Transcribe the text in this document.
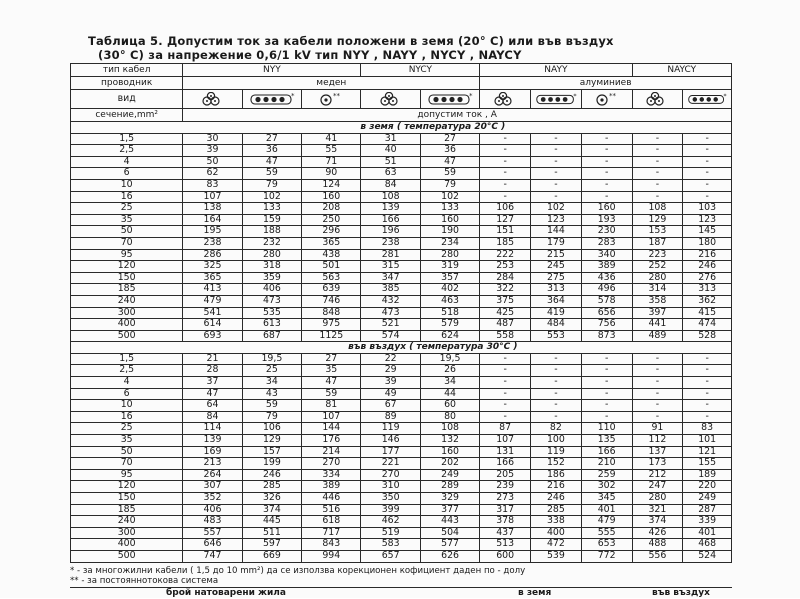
Таблица 5. Допустим ток за кабели положени в земя (20° С) или във въздух
(30° С) за напрежение 0,6/1 kV тип NYY , NAYY , NYCY , NAYCY
тип кабел	NYY			NYCY		NAYY			NAYCY	
проводник	меден					алуминиев				
вид		*	**		*		*	**		*

сечение,mm²	допустим ток , А									
	в земя ( температура 20°С )									
1,5	30	27	41	31	27	-	-	-	-	-
2,5	39	36	55	40	36	-	-	-	-	-
4	50	47	71	51	47	-	-	-	-	-
6	62	59	90	63	59	-	-	-	-	-
10	83	79	124	84	79	-	-	-	-	-
16	107	102	160	108	102	-	-	-	-	-
25	138	133	208	139	133	106	102	160	108	103
35	164	159	250	166	160	127	123	193	129	123
50	195	188	296	196	190	151	144	230	153	145
70	238	232	365	238	234	185	179	283	187	180
95	286	280	438	281	280	222	215	340	223	216
120	325	318	501	315	319	253	245	389	252	246
150	365	359	563	347	357	284	275	436	280	276
185	413	406	639	385	402	322	313	496	314	313
240	479	473	746	432	463	375	364	578	358	362
300	541	535	848	473	518	425	419	656	397	415
400	614	613	975	521	579	487	484	756	441	474
500	693	687	1125	574	624	558	553	873	489	528
	във въздух ( температура 30°С )									
1,5	21	19,5	27	22	19,5	-	-	-	-	-
2,5	28	25	35	29	26	-	-	-	-	-
4	37	34	47	39	34	-	-	-	-	-
6	47	43	59	49	44	-	-	-	-	-
10	64	59	81	67	60	-	-	-	-	-
16	84	79	107	89	80	-	-	-	-	-
25	114	106	144	119	108	87	82	110	91	83
35	139	129	176	146	132	107	100	135	112	101
50	169	157	214	177	160	131	119	166	137	121
70	213	199	270	221	202	166	152	210	173	155
95	264	246	334	270	249	205	186	259	212	189
120	307	285	389	310	289	239	216	302	247	220
150	352	326	446	350	329	273	246	345	280	249
185	406	374	516	399	377	317	285	401	321	287
240	483	445	618	462	443	378	338	479	374	339
300	557	511	717	519	504	437	400	555	426	401
400	646	597	843	583	577	513	472	653	488	468
500	747	669	994	657	626	600	539	772	556	524
* - за многожилни кабели ( 1,5 до 10 mm²) да се използва корекционен кофициент даден по - долу
** - за постояннотокова система
брой натоварени жила	в земя	във въздух
